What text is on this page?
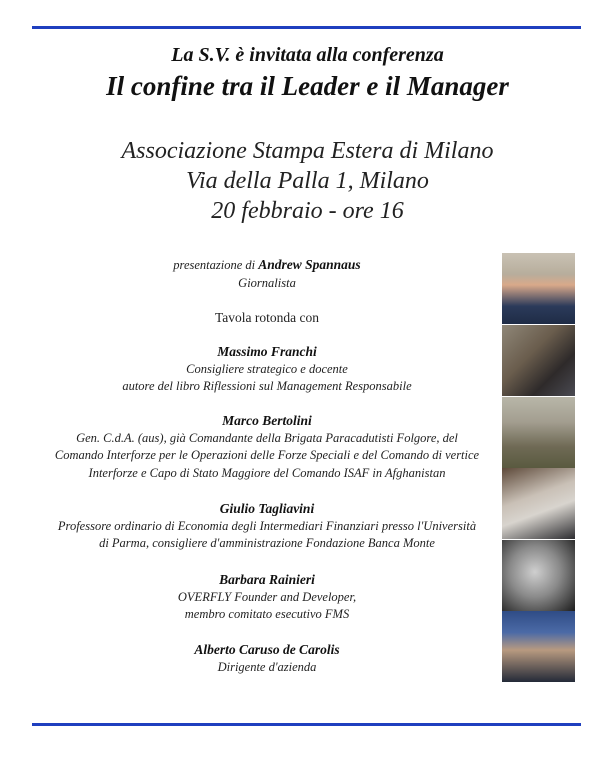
La S.V. è invitata alla conferenza
Il confine tra il Leader e il Manager
Associazione Stampa Estera di Milano
Via della Palla 1, Milano
20 febbraio - ore 16
presentazione di Andrew Spannaus
Giornalista
Tavola rotonda con
Massimo Franchi
Consigliere strategico e docente
autore del libro Riflessioni sul Management Responsabile
Marco Bertolini
Gen. C.d.A. (aus), già Comandante della Brigata Paracadutisti Folgore, del
Comando Interforze per le Operazioni delle Forze Speciali e del Comando di vertice
Interforze e Capo di Stato Maggiore del Comando ISAF in Afghanistan
Giulio Tagliavini
Professore ordinario di Economia degli Intermediari Finanziari presso l'Università
di Parma, consigliere d'amministrazione Fondazione Banca Monte
Barbara Rainieri
OVERFLY Founder and Developer,
membro comitato esecutivo FMS
Alberto Caruso de Carolis
Dirigente d'azienda
